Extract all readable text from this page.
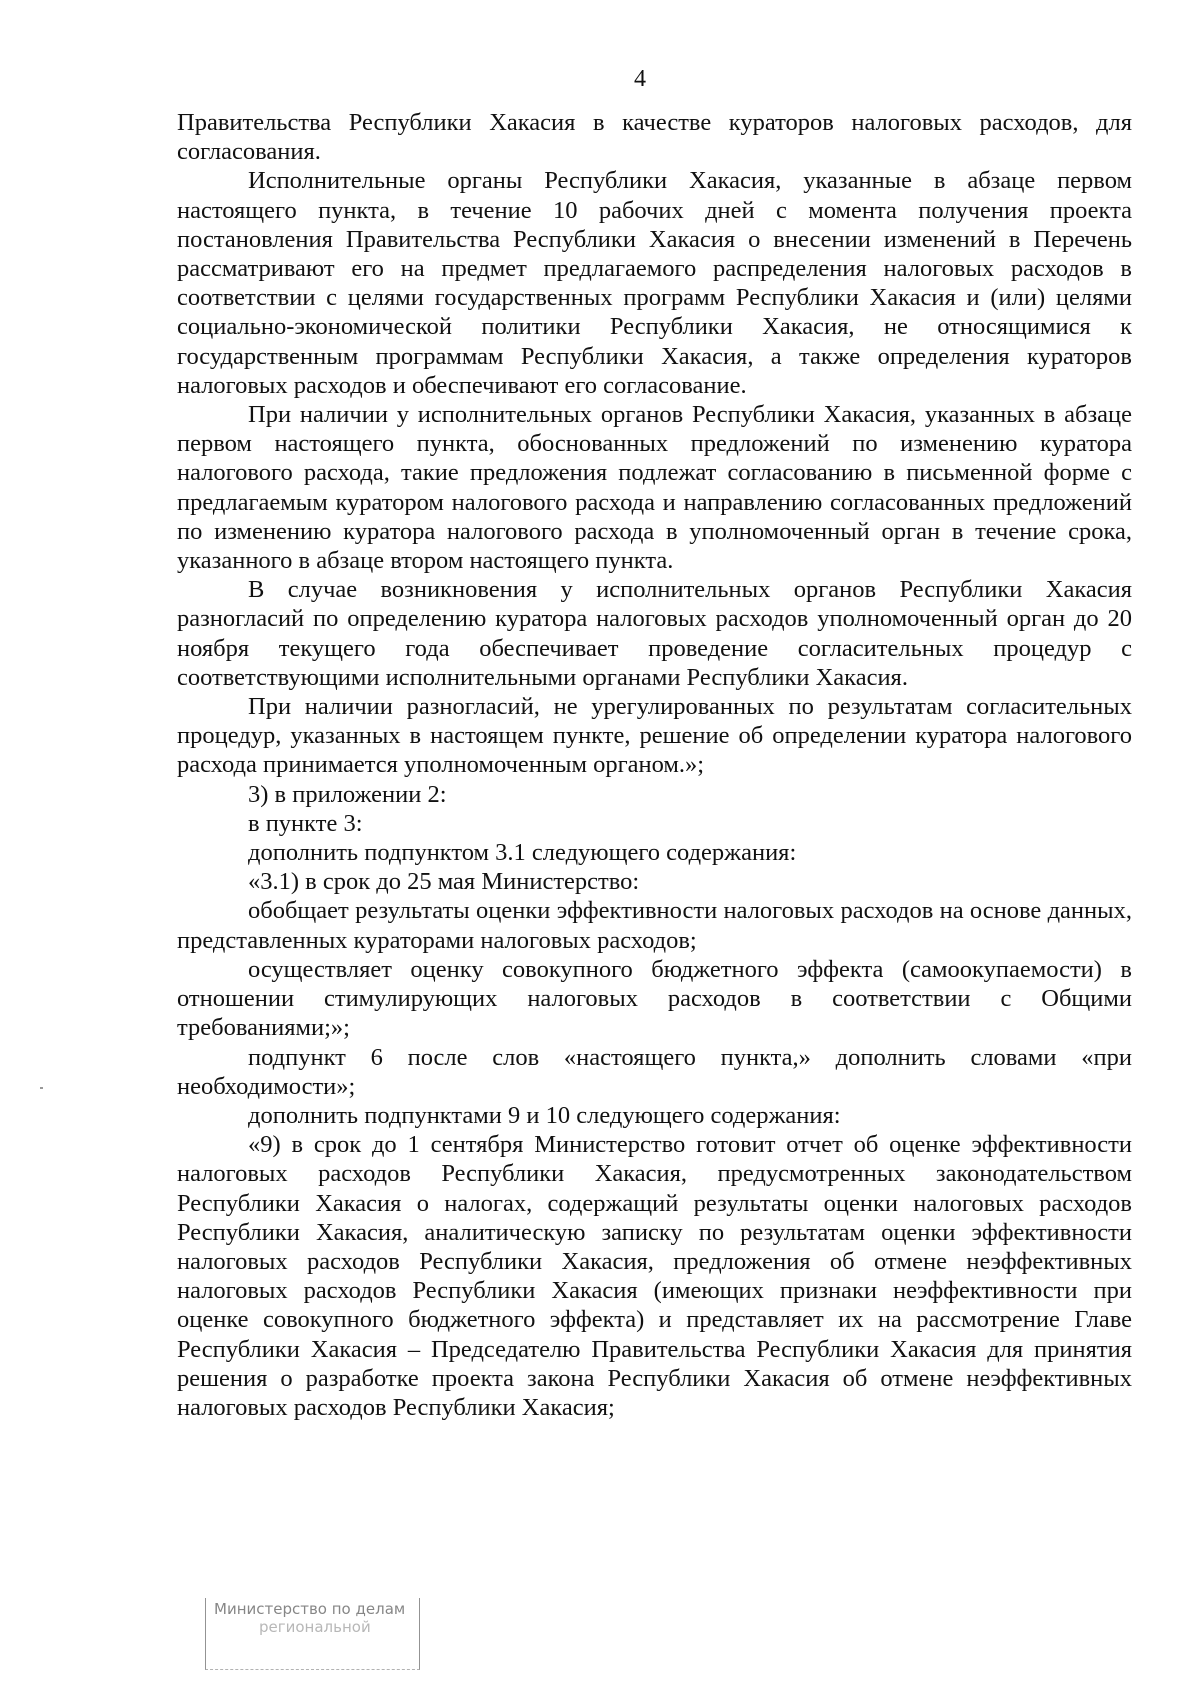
4

Правительства Республики Хакасия в качестве кураторов налоговых расходов, для согласования.

Исполнительные органы Республики Хакасия, указанные в абзаце первом настоящего пункта, в течение 10 рабочих дней с момента получения проекта постановления Правительства Республики Хакасия о внесении изменений в Перечень рассматривают его на предмет предлагаемого распределения налоговых расходов в соответствии с целями государственных программ Республики Хакасия и (или) целями социально-экономической политики Республики Хакасия, не относящимися к государственным программам Республики Хакасия, а также определения кураторов налоговых расходов и обеспечивают его согласование.

При наличии у исполнительных органов Республики Хакасия, указанных в абзаце первом настоящего пункта, обоснованных предложений по изменению куратора налогового расхода, такие предложения подлежат согласованию в письменной форме с предлагаемым куратором налогового расхода и направлению согласованных предложений по изменению куратора налогового расхода в уполномоченный орган в течение срока, указанного в абзаце втором настоящего пункта.

В случае возникновения у исполнительных органов Республики Хакасия разногласий по определению куратора налоговых расходов уполномоченный орган до 20 ноября текущего года обеспечивает проведение согласительных процедур с соответствующими исполнительными органами Республики Хакасия.

При наличии разногласий, не урегулированных по результатам согласительных процедур, указанных в настоящем пункте, решение об определении куратора налогового расхода принимается уполномоченным органом.»;

3) в приложении 2:

в пункте 3:

дополнить подпунктом 3.1 следующего содержания:

«3.1) в срок до 25 мая Министерство:

обобщает результаты оценки эффективности налоговых расходов на основе данных, представленных кураторами налоговых расходов;

осуществляет оценку совокупного бюджетного эффекта (самоокупаемости) в отношении стимулирующих налоговых расходов в соответствии с Общими требованиями;»;

подпункт 6 после слов «настоящего пункта,» дополнить словами «при необходимости»;

дополнить подпунктами 9 и 10 следующего содержания:

«9) в срок до 1 сентября Министерство готовит отчет об оценке эффективности налоговых расходов Республики Хакасия, предусмотренных законодательством Республики Хакасия о налогах, содержащий результаты оценки налоговых расходов Республики Хакасия, аналитическую записку по результатам оценки эффективности налоговых расходов Республики Хакасия, предложения об отмене неэффективных налоговых расходов Республики Хакасия (имеющих признаки неэффективности при оценке совокупного бюджетного эффекта) и представляет их на рассмотрение Главе Республики Хакасия – Председателю Правительства Республики Хакасия для принятия решения о разработке проекта закона Республики Хакасия об отмене неэффективных налоговых расходов Республики Хакасия;

Министерство по делам
региональной
